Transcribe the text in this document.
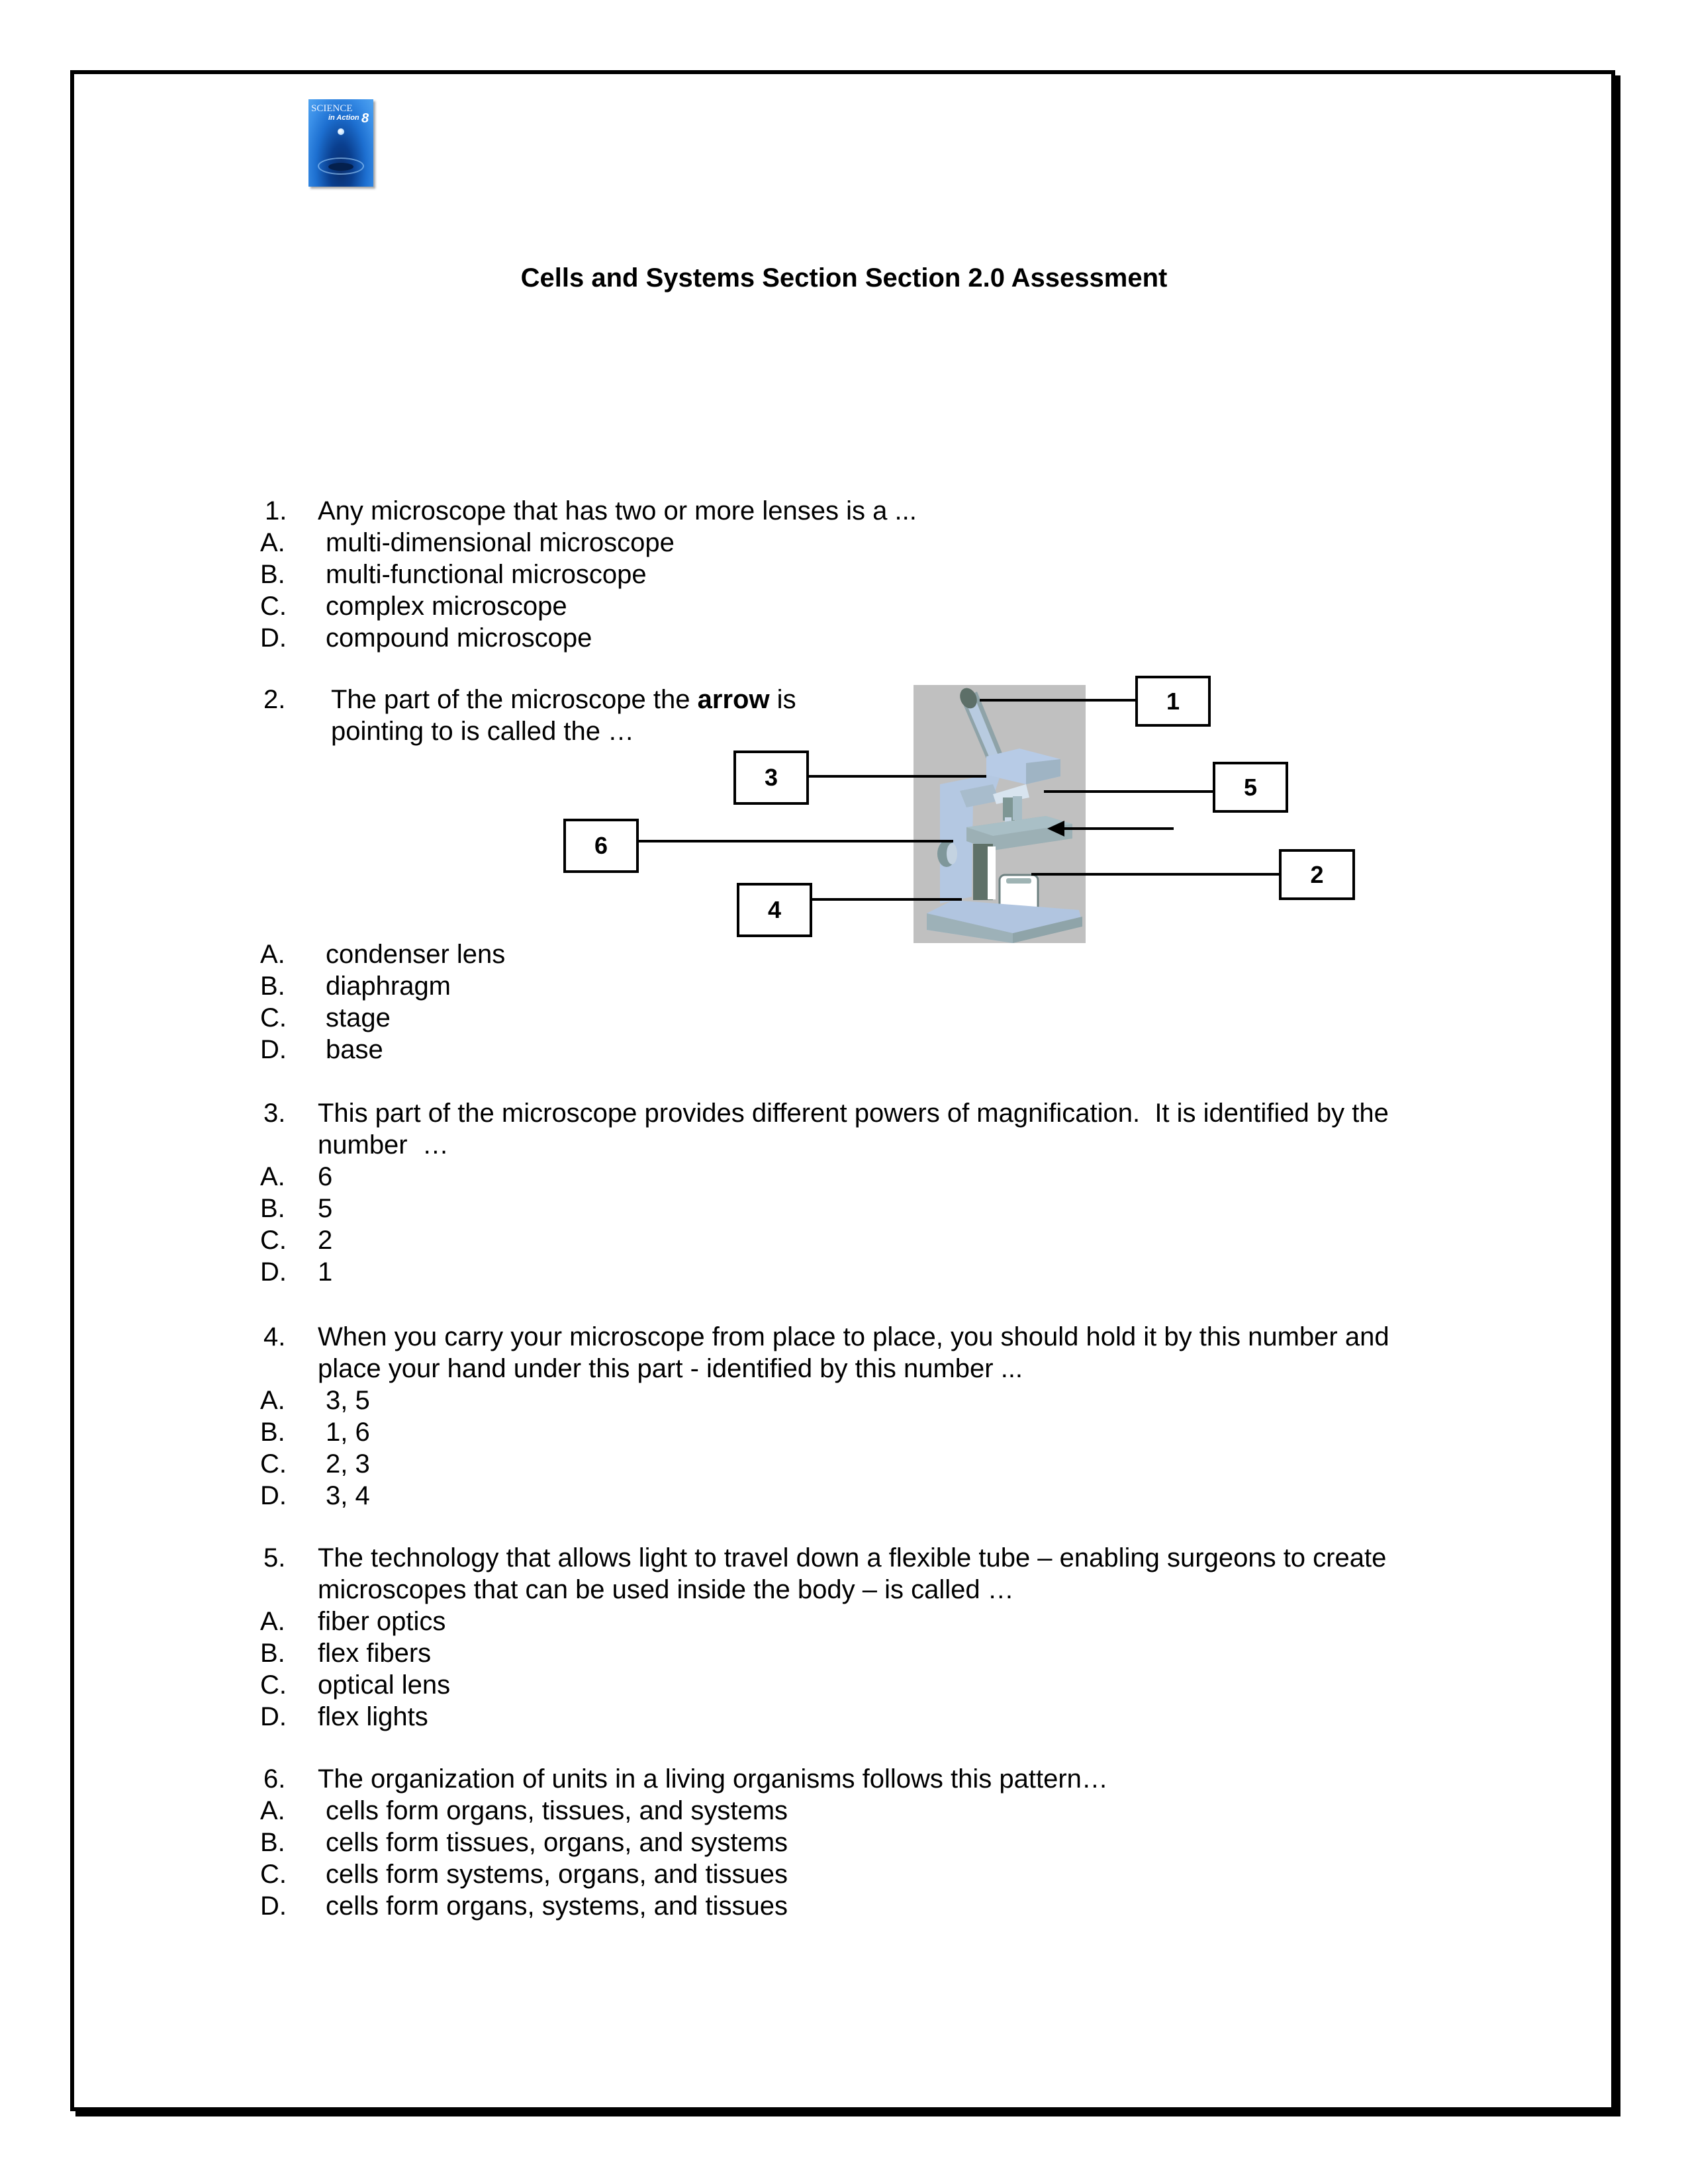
SCIENCE
in Action 8
Cells and Systems Section Section 2.0 Assessment
1. Any microscope that has two or more lenses is a ...
A. multi-dimensional microscope
B. multi-functional microscope
C. complex microscope
D. compound microscope
2. The part of the microscope the arrow is
pointing to is called the …
A. condenser lens
B. diaphragm
C. stage
D. base
1
5
2
3
6
4
3. This part of the microscope provides different powers of magnification.  It is identified by the
number  …
A. 6
B. 5
C. 2
D. 1
4. When you carry your microscope from place to place, you should hold it by this number and
place your hand under this part - identified by this number ...
A. 3, 5
B. 1, 6
C. 2, 3
D. 3, 4
5. The technology that allows light to travel down a flexible tube – enabling surgeons to create
microscopes that can be used inside the body – is called …
A. fiber optics
B. flex fibers
C. optical lens
D. flex lights
6. The organization of units in a living organisms follows this pattern…
A. cells form organs, tissues, and systems
B. cells form tissues, organs, and systems
C. cells form systems, organs, and tissues
D. cells form organs, systems, and tissues
